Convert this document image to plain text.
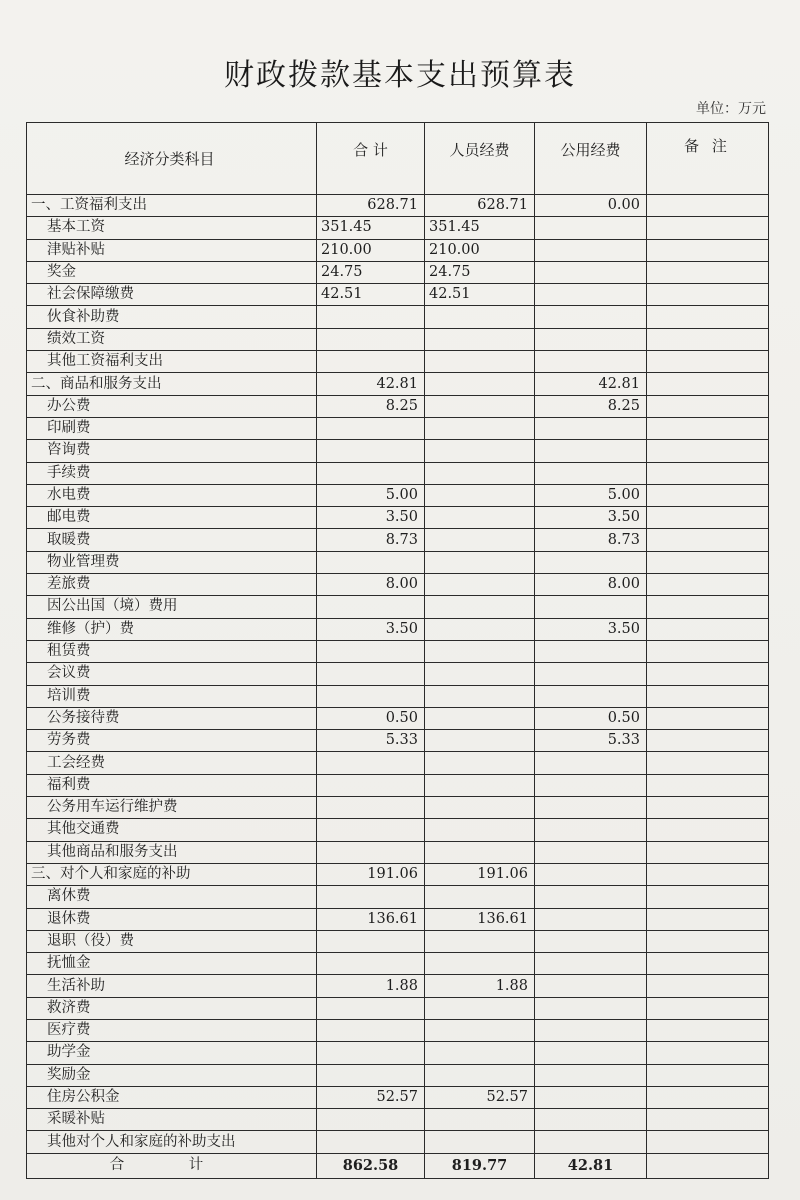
财政拨款基本支出预算表
单位：万元
经济分类科目	合 计	人员经费	公用经费	备 注
一、工资福利支出	628.71	628.71	0.00	
基本工资	351.45	351.45		
津贴补贴	210.00	210.00		
奖金	24.75	24.75		
社会保障缴费	42.51	42.51		
伙食补助费				
绩效工资				
其他工资福利支出				
二、商品和服务支出	42.81		42.81	
办公费	8.25		8.25	
印刷费				
咨询费				
手续费				
水电费	5.00		5.00	
邮电费	3.50		3.50	
取暖费	8.73		8.73	
物业管理费				
差旅费	8.00		8.00	
因公出国（境）费用				
维修（护）费	3.50		3.50	
租赁费				
会议费				
培训费				
公务接待费	0.50		0.50	
劳务费	5.33		5.33	
工会经费				
福利费				
公务用车运行维护费				
其他交通费				
其他商品和服务支出				
三、对个人和家庭的补助	191.06	191.06		
离休费				
退休费	136.61	136.61		
退职（役）费				
抚恤金				
生活补助	1.88	1.88		
救济费				
医疗费				
助学金				
奖励金				
住房公积金	52.57	52.57		
采暖补贴				
其他对个人和家庭的补助支出				
合 计	862.58	819.77	42.81	
